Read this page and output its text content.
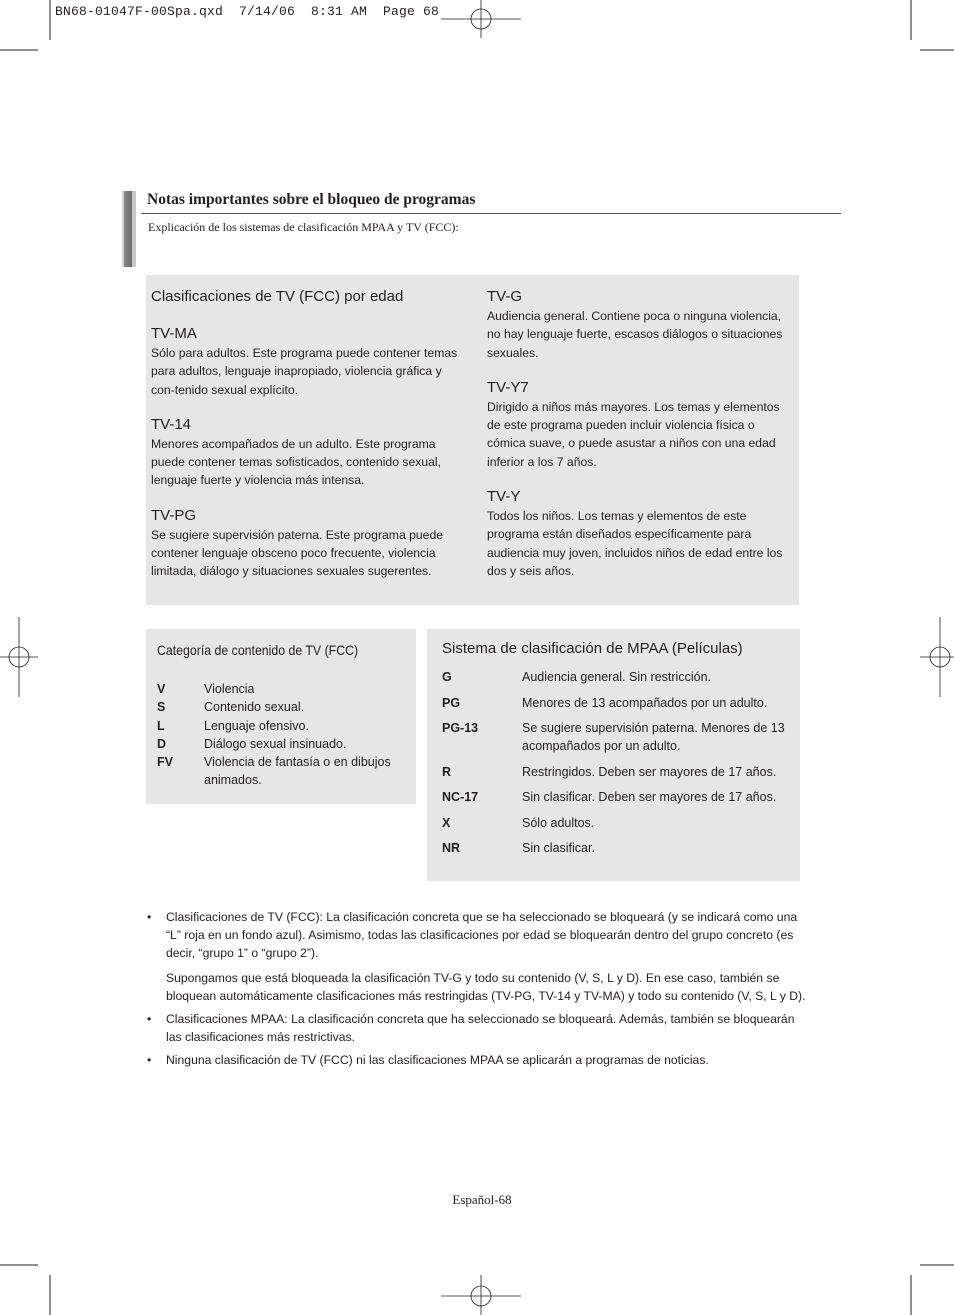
BN68-01047F-00Spa.qxd  7/14/06  8:31 AM  Page 68
Notas importantes sobre el bloqueo de programas
Explicación de los sistemas de clasificación MPAA y TV (FCC):
Clasificaciones de TV (FCC) por edad
TV-MA

Sólo para adultos. Este programa puede contener temas para adultos, lenguaje inapropiado, violencia gráfica y con-tenido sexual explícito.

TV-14

Menores acompañados de un adulto. Este programa puede contener temas sofisticados, contenido sexual, lenguaje fuerte y violencia más intensa.

TV-PG

Se sugiere supervisión paterna. Este programa puede contener lenguaje obsceno poco frecuente, violencia limitada, diálogo y situaciones sexuales sugerentes.

TV-G

Audiencia general. Contiene poca o ninguna violencia, no hay lenguaje fuerte, escasos diálogos o situaciones sexuales.

TV-Y7

Dirigido a niños más mayores. Los temas y elementos de este programa pueden incluir violencia física o cómica suave, o puede asustar a niños con una edad inferior a los 7 años.

TV-Y

Todos los niños. Los temas y elementos de este programa están diseñados específicamente para audiencia muy joven, incluidos niños de edad entre los dos y seis años.

Categoría de contenido de TV (FCC)
V	Violencia
S	Contenido sexual.
L	Lenguaje ofensivo.
D	Diálogo sexual insinuado.
FV	Violencia de fantasía o en dibujos animados.
Sistema de clasificación de MPAA (Películas)
G	Audiencia general. Sin restricción.
PG	Menores de 13 acompañados por un adulto.
PG-13	Se sugiere supervisión paterna. Menores de 13 acompañados por un adulto.
R	Restringidos. Deben ser mayores de 17 años.
NC-17	Sin clasificar. Deben ser mayores de 17 años.
X	Sólo adultos.
NR	Sin clasificar.
• Clasificaciones de TV (FCC): La clasificación concreta que se ha seleccionado se bloqueará (y se indicará como una “L” roja en un fondo azul). Asimismo, todas las clasificaciones por edad se bloquearán dentro del grupo concreto (es decir, “grupo 1” o “grupo 2”).

Supongamos que está bloqueada la clasificación TV-G y todo su contenido (V, S, L y D). En ese caso, también se bloquean automáticamente clasificaciones más restringidas (TV-PG, TV-14 y TV-MA) y todo su contenido (V, S, L y D).

• Clasificaciones MPAA: La clasificación concreta que ha seleccionado se bloqueará. Además, también se bloquearán las clasificaciones más restrictivas.

• Ninguna clasificación de TV (FCC) ni las clasificaciones MPAA se aplicarán a programas de noticias.

Español-68
